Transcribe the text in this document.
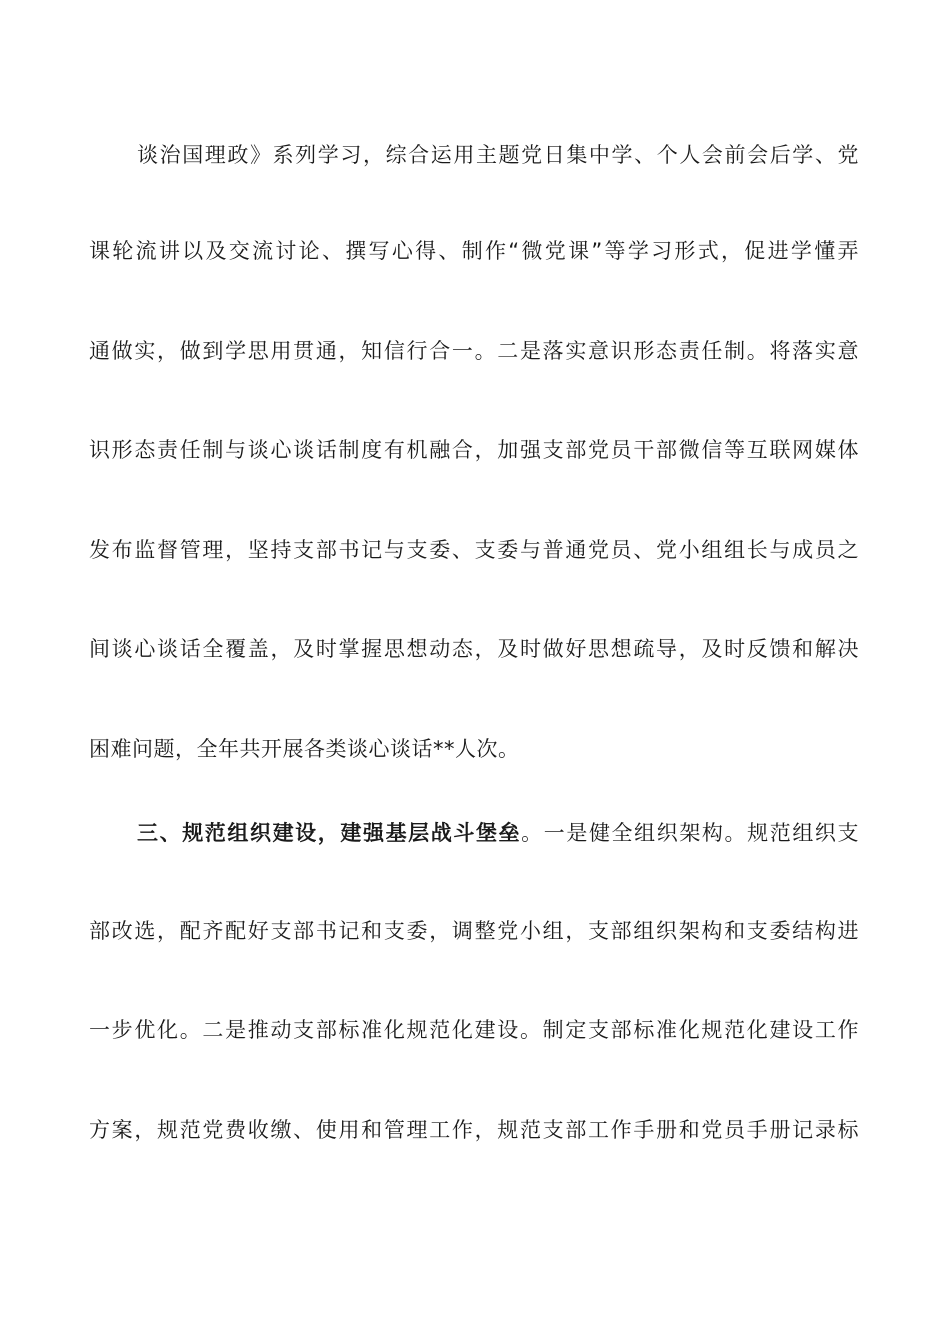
谈治国理政》系列学习，综合运用主题党日集中学、个人会前会后学、党
课轮流讲以及交流讨论、撰写心得、制作“微党课”等学习形式，促进学懂弄
通做实，做到学思用贯通，知信行合一。二是落实意识形态责任制。将落实意
识形态责任制与谈心谈话制度有机融合，加强支部党员干部微信等互联网媒体
发布监督管理，坚持支部书记与支委、支委与普通党员、党小组组长与成员之
间谈心谈话全覆盖，及时掌握思想动态，及时做好思想疏导，及时反馈和解决
困难问题，全年共开展各类谈心谈话**人次。
三、规范组织建设，建强基层战斗堡垒。一是健全组织架构。规范组织支
部改选，配齐配好支部书记和支委，调整党小组，支部组织架构和支委结构进
一步优化。二是推动支部标准化规范化建设。制定支部标准化规范化建设工作
方案，规范党费收缴、使用和管理工作，规范支部工作手册和党员手册记录标
